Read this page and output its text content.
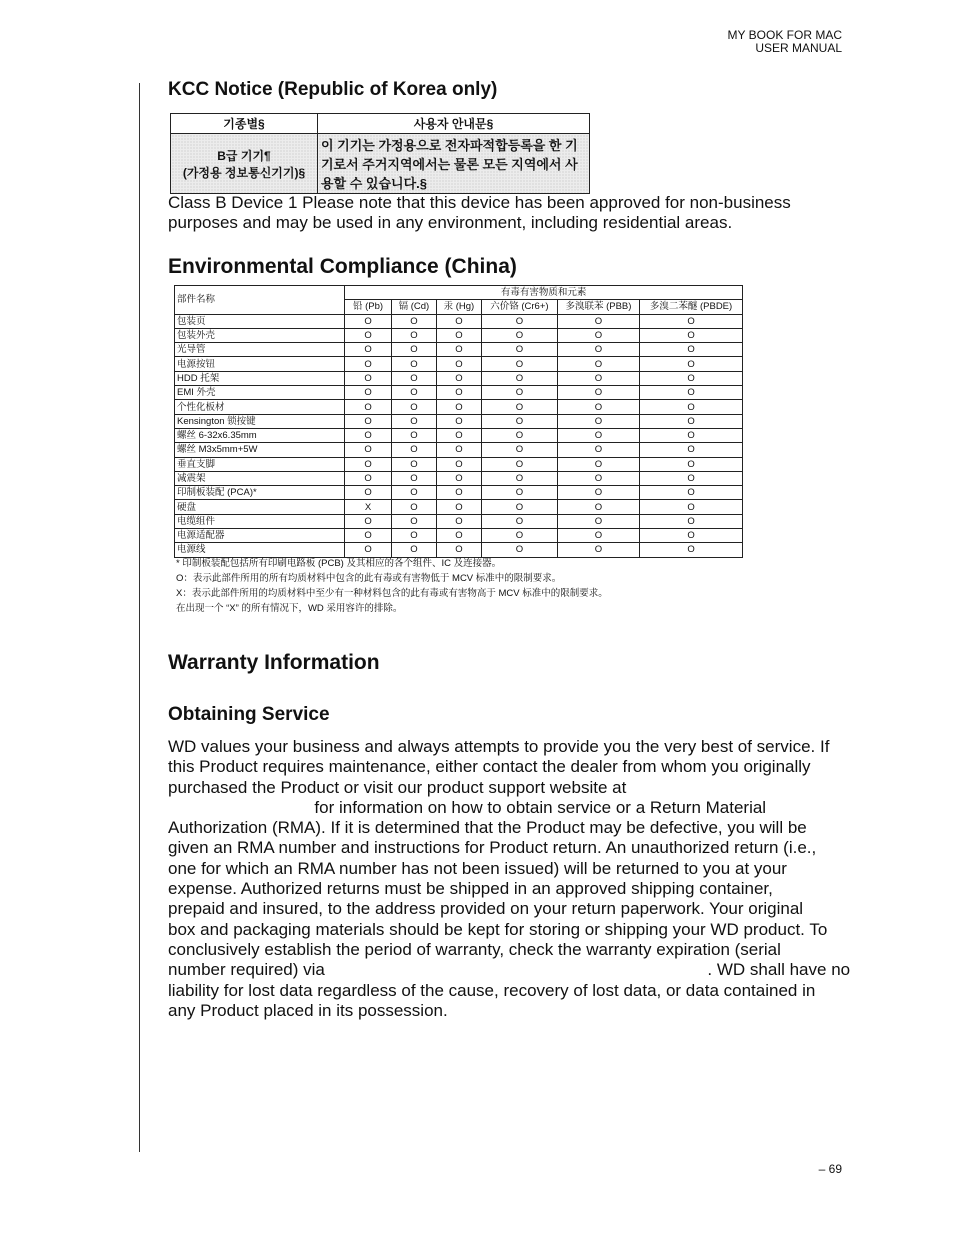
MY BOOK FOR MAC
USER MANUAL
KCC Notice (Republic of Korea only)
기종별§	사용자 안내문§

B급 기기¶
(가정용 정보통신기기)§	이 기기는 가정용으로 전자파적합등록을 한 기기로서 주거지역에서는 물론 모든 지역에서 사용할 수 있습니다.§
Class B Device 1 Please note that this device has been approved for non-business
purposes and may be used in any environment, including residential areas.
Environmental Compliance (China)
部件名称	有毒有害物质和元素					
	铅 (Pb)	镉 (Cd)	汞 (Hg)	六价铬 (Cr6+)	多溴联苯 (PBB)	多溴二苯醚 (PBDE)
包装页	O	O	O	O	O	O
包装外壳	O	O	O	O	O	O
光导管	O	O	O	O	O	O
电源按钮	O	O	O	O	O	O
HDD 托架	O	O	O	O	O	O
EMI 外壳	O	O	O	O	O	O
个性化板材	O	O	O	O	O	O
Kensington 锁按键	O	O	O	O	O	O
螺丝 6-32x6.35mm	O	O	O	O	O	O
螺丝 M3x5mm+5W	O	O	O	O	O	O
垂直支脚	O	O	O	O	O	O
减震架	O	O	O	O	O	O
印制板装配 (PCA)*	O	O	O	O	O	O
硬盘	X	O	O	O	O	O
电缆组件	O	O	O	O	O	O
电源适配器	O	O	O	O	O	O
电源线	O	O	O	O	O	O
* 印制板装配包括所有印刷电路板 (PCB) 及其相应的各个组件、IC 及连接器。
O：表示此部件所用的所有均质材料中包含的此有毒或有害物低于 MCV 标准中的限制要求。
X：表示此部件所用的均质材料中至少有一种材料包含的此有毒或有害物高于 MCV 标准中的限制要求。
在出现一个 “X” 的所有情况下，WD 采用容许的排除。
Warranty Information
Obtaining Service
WD values your business and always attempts to provide you the very best of service. If
this Product requires maintenance, either contact the dealer from whom you originally
purchased the Product or visit our product support website at
for information on how to obtain service or a Return Material
Authorization (RMA). If it is determined that the Product may be defective, you will be
given an RMA number and instructions for Product return. An unauthorized return (i.e.,
one for which an RMA number has not been issued) will be returned to you at your
expense. Authorized returns must be shipped in an approved shipping container,
prepaid and insured, to the address provided on your return paperwork. Your original
box and packaging materials should be kept for storing or shipping your WD product. To
conclusively establish the period of warranty, check the warranty expiration (serial
number required) via                                                                                 . WD shall have no
liability for lost data regardless of the cause, recovery of lost data, or data contained in
any Product placed in its possession.
– 69
